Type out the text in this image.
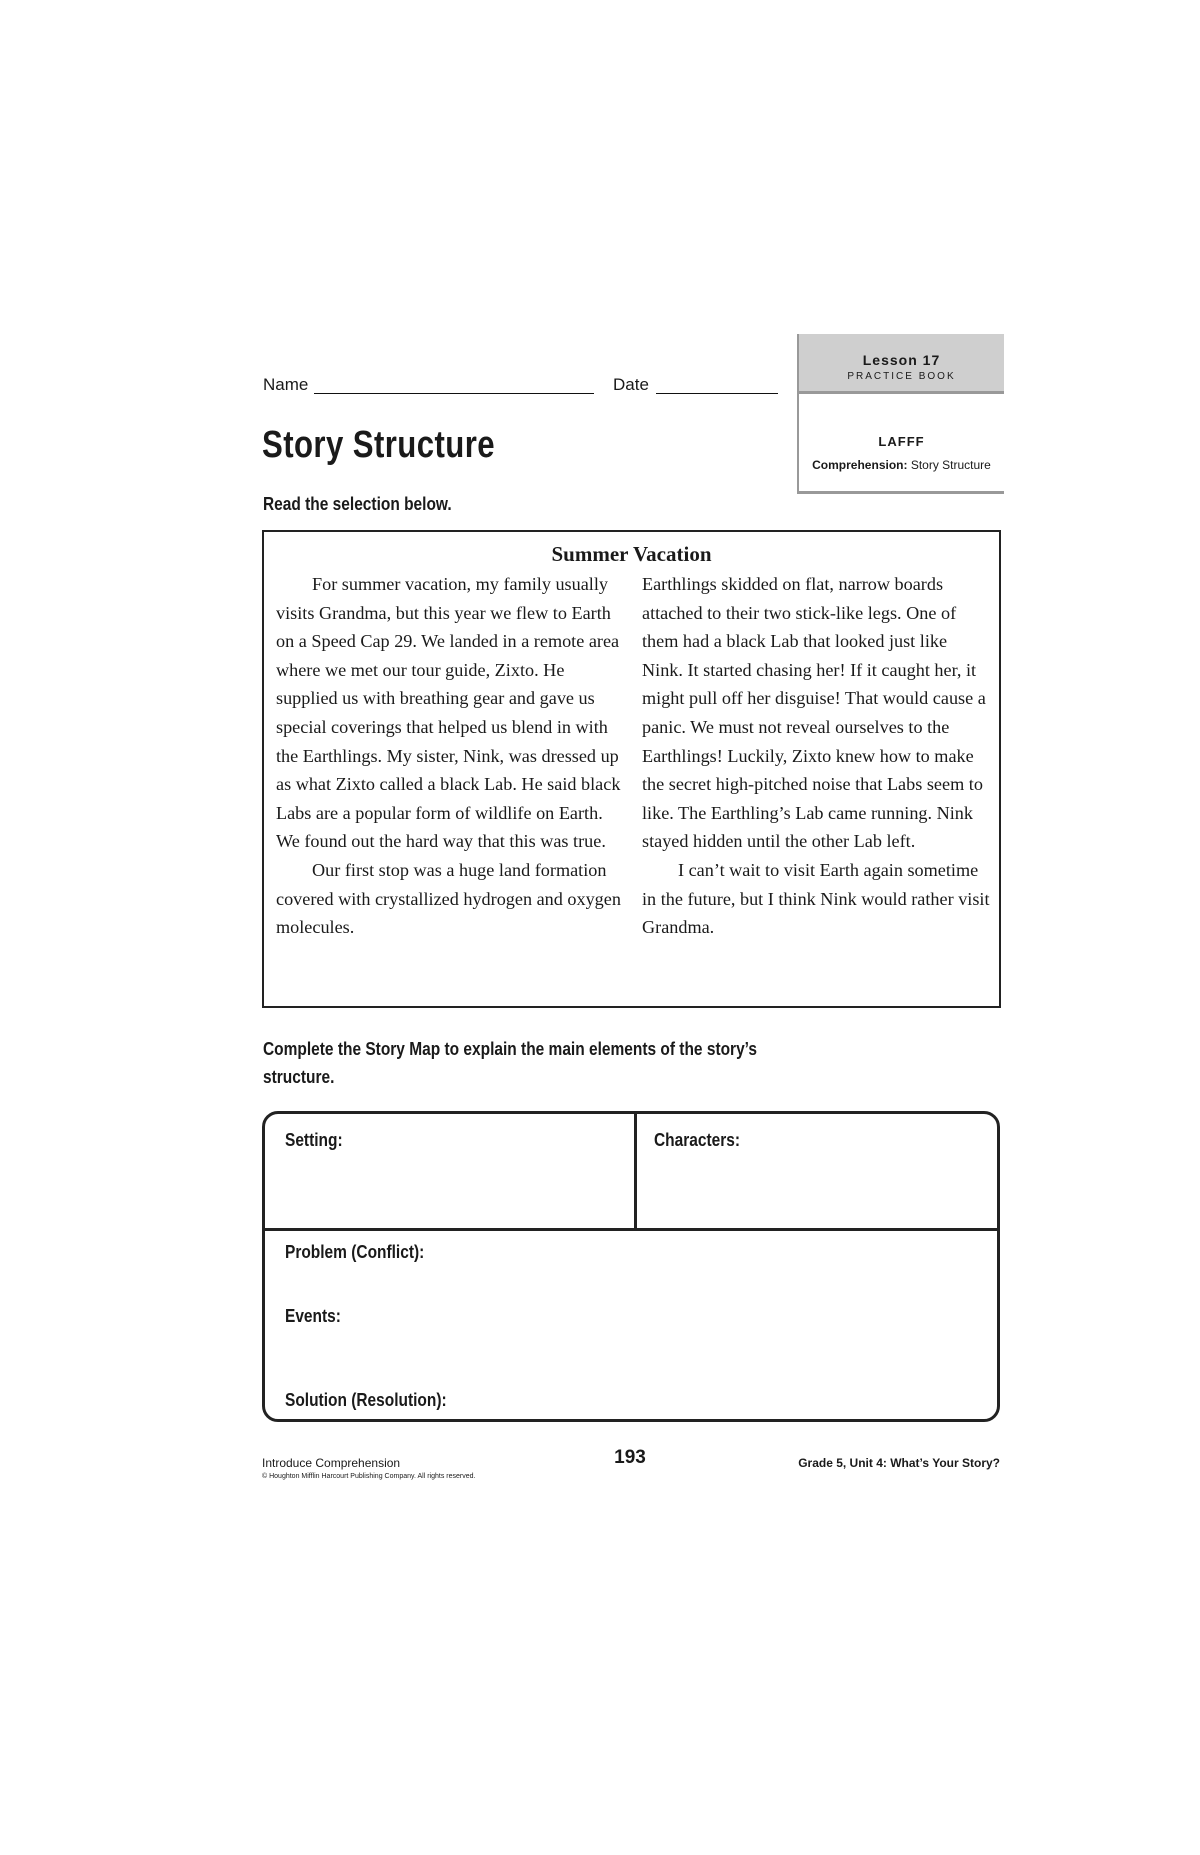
Name	Date
Lesson 17
PRACTICE BOOK
LAFFF
Comprehension: Story Structure
Story Structure
Read the selection below.
Summer Vacation

For summer vacation, my family usually visits Grandma, but this year we flew to Earth on a Speed Cap 29. We landed in a remote area where we met our tour guide, Zixto. He supplied us with breathing gear and gave us special coverings that helped us blend in with the Earthlings. My sister, Nink, was dressed up as what Zixto called a black Lab. He said black Labs are a popular form of wildlife on Earth. We found out the hard way that this was true.

Our first stop was a huge land formation covered with crystallized hydrogen and oxygen molecules.

Earthlings skidded on flat, narrow boards attached to their two stick-like legs. One of them had a black Lab that looked just like Nink. It started chasing her! If it caught her, it might pull off her disguise! That would cause a panic. We must not reveal ourselves to the Earthlings! Luckily, Zixto knew how to make the secret high-pitched noise that Labs seem to like. The Earthling’s Lab came running. Nink stayed hidden until the other Lab left.

I can’t wait to visit Earth again sometime in the future, but I think Nink would rather visit Grandma.

Complete the Story Map to explain the main elements of the story’s structure.
Setting:	Characters:
Problem (Conflict):
Events:
Solution (Resolution):
Introduce Comprehension
© Houghton Mifflin Harcourt Publishing Company. All rights reserved.
193	Grade 5, Unit 4: What’s Your Story?
